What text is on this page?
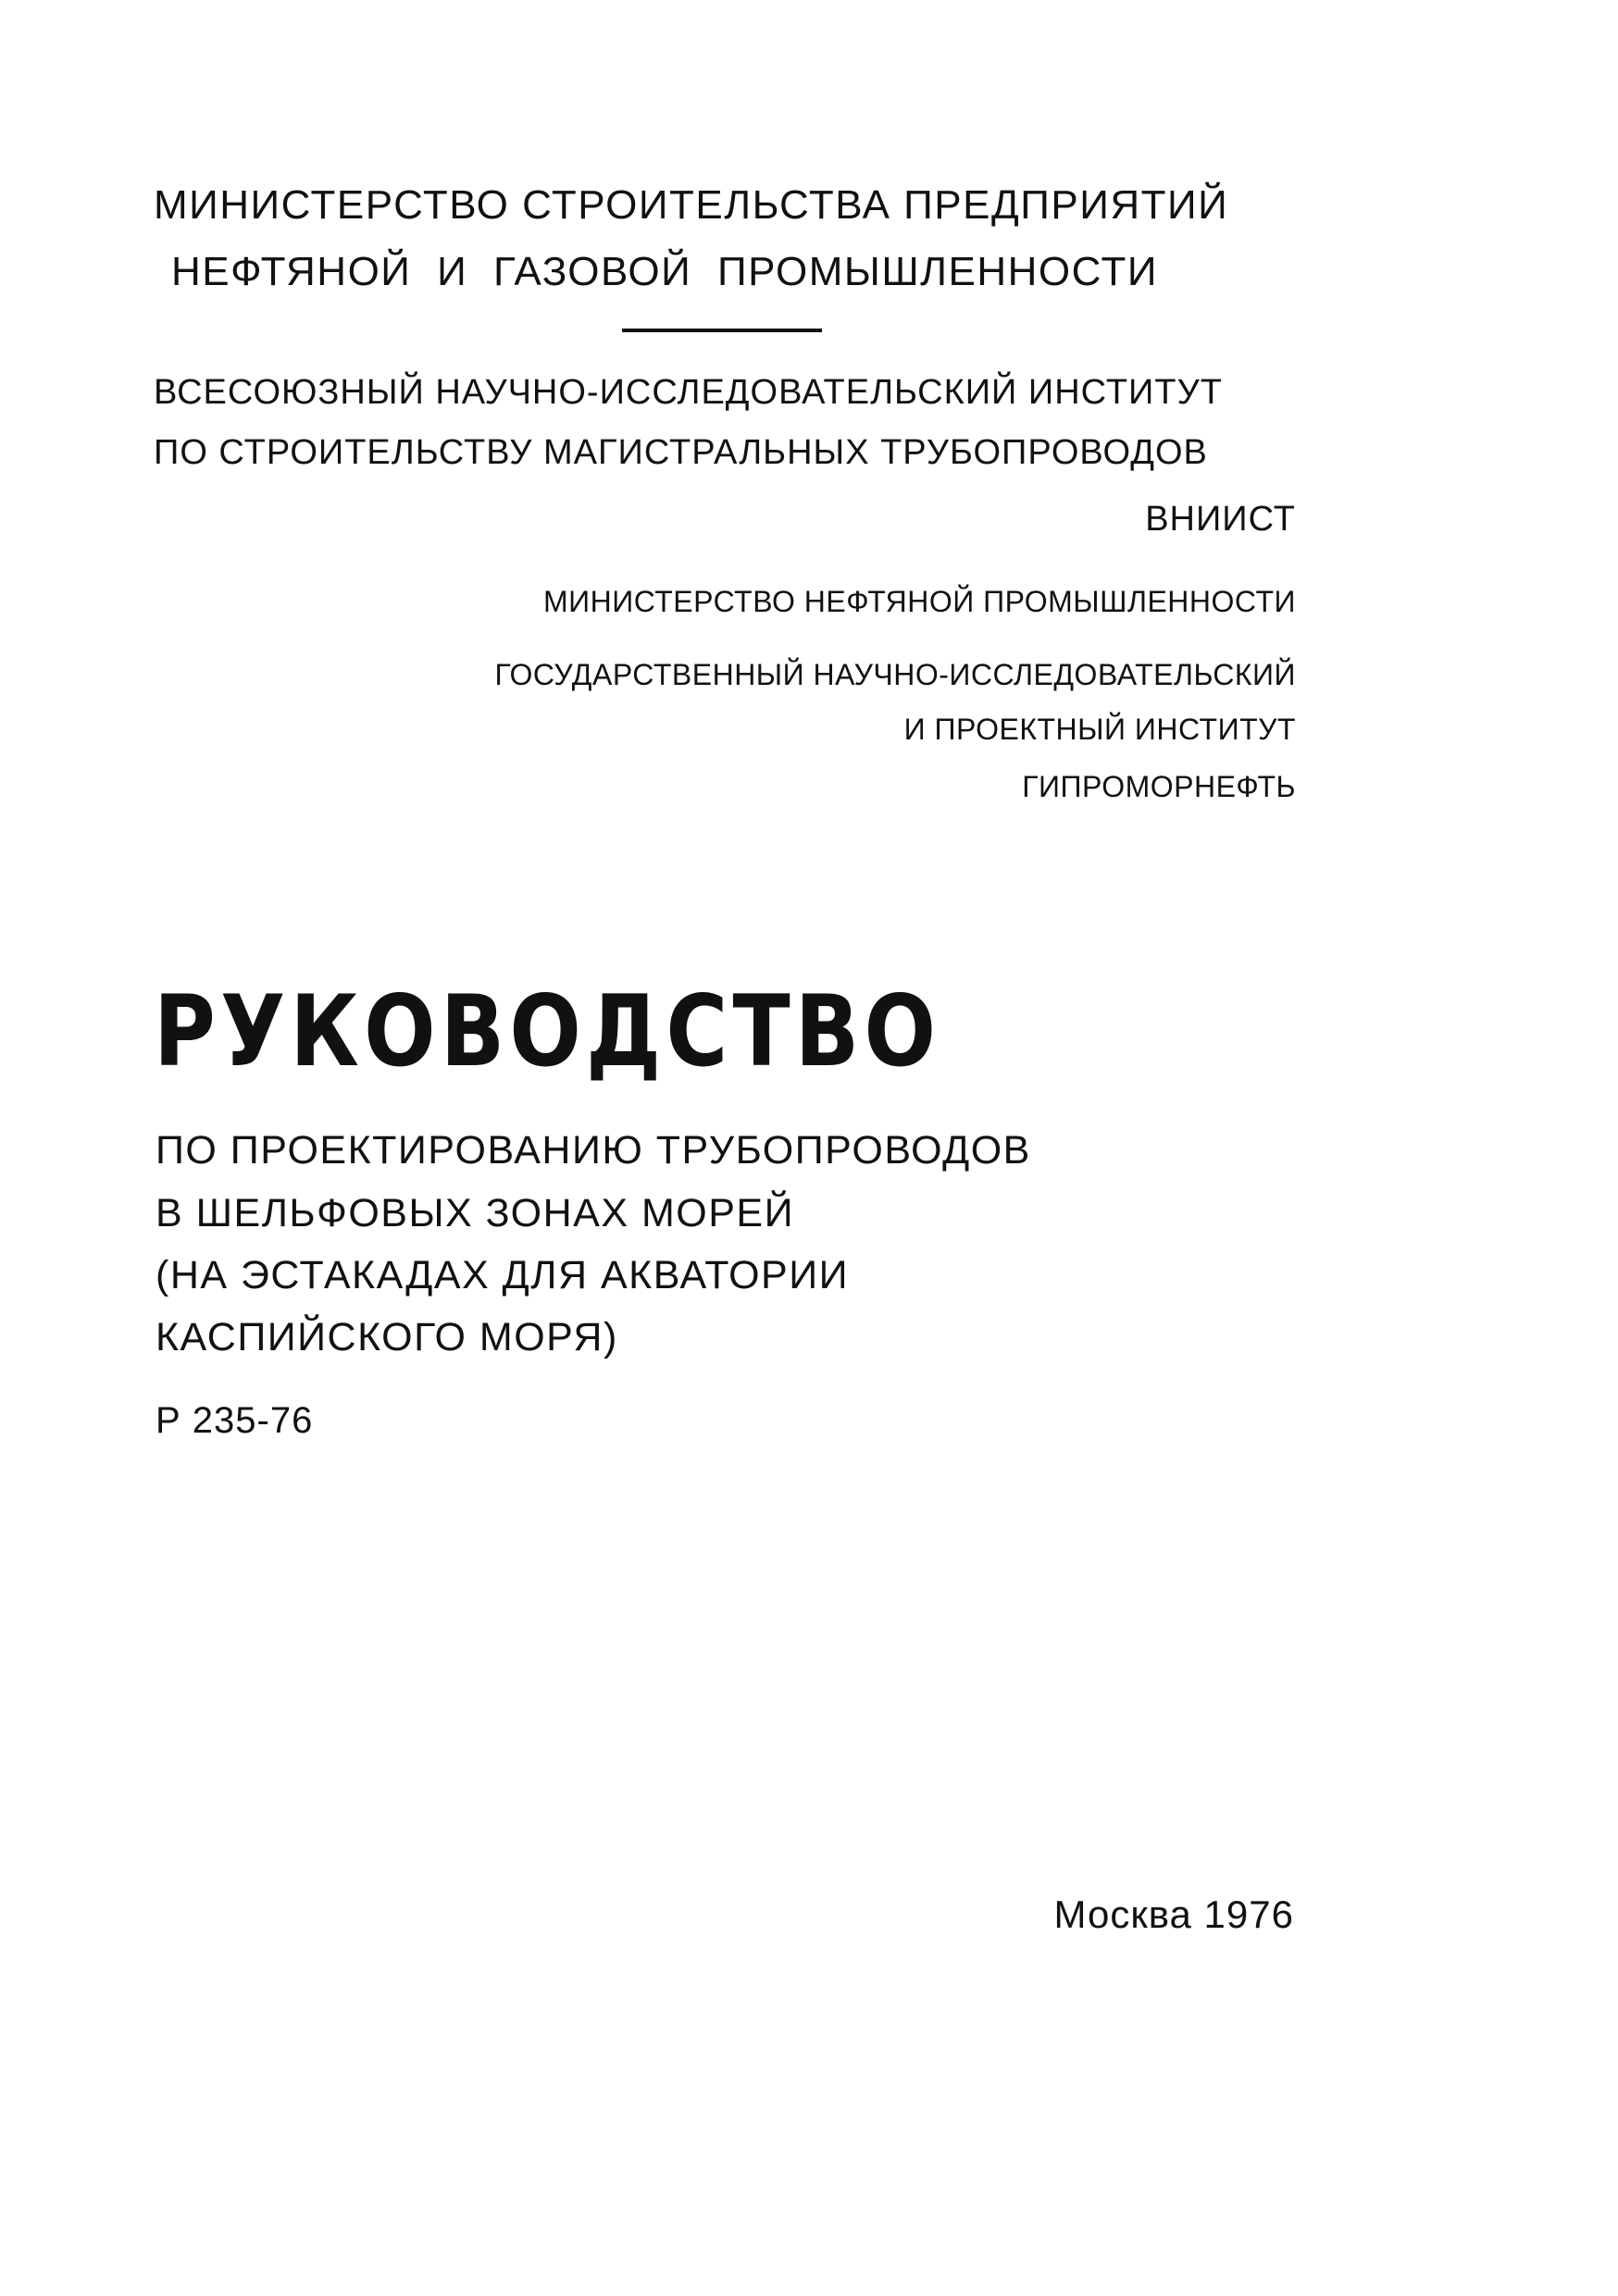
МИНИСТЕРСТВО СТРОИТЕЛЬСТВА ПРЕДПРИЯТИЙ
НЕФТЯНОЙ И ГАЗОВОЙ ПРОМЫШЛЕННОСТИ
ВСЕСОЮЗНЫЙ НАУЧНО-ИССЛЕДОВАТЕЛЬСКИЙ ИНСТИТУТ
ПО СТРОИТЕЛЬСТВУ МАГИСТРАЛЬНЫХ ТРУБОПРОВОДОВ
ВНИИСТ
МИНИСТЕРСТВО НЕФТЯНОЙ ПРОМЫШЛЕННОСТИ
ГОСУДАРСТВЕННЫЙ НАУЧНО-ИССЛЕДОВАТЕЛЬСКИЙ
И ПРОЕКТНЫЙ ИНСТИТУТ
ГИПРОМОРНЕФТЬ
РУКОВОДСТВО
ПО ПРОЕКТИРОВАНИЮ ТРУБОПРОВОДОВ
В ШЕЛЬФОВЫХ ЗОНАХ МОРЕЙ
(НА ЭСТАКАДАХ ДЛЯ АКВАТОРИИ
КАСПИЙСКОГО МОРЯ)
Р 235-76
Москва 1976
